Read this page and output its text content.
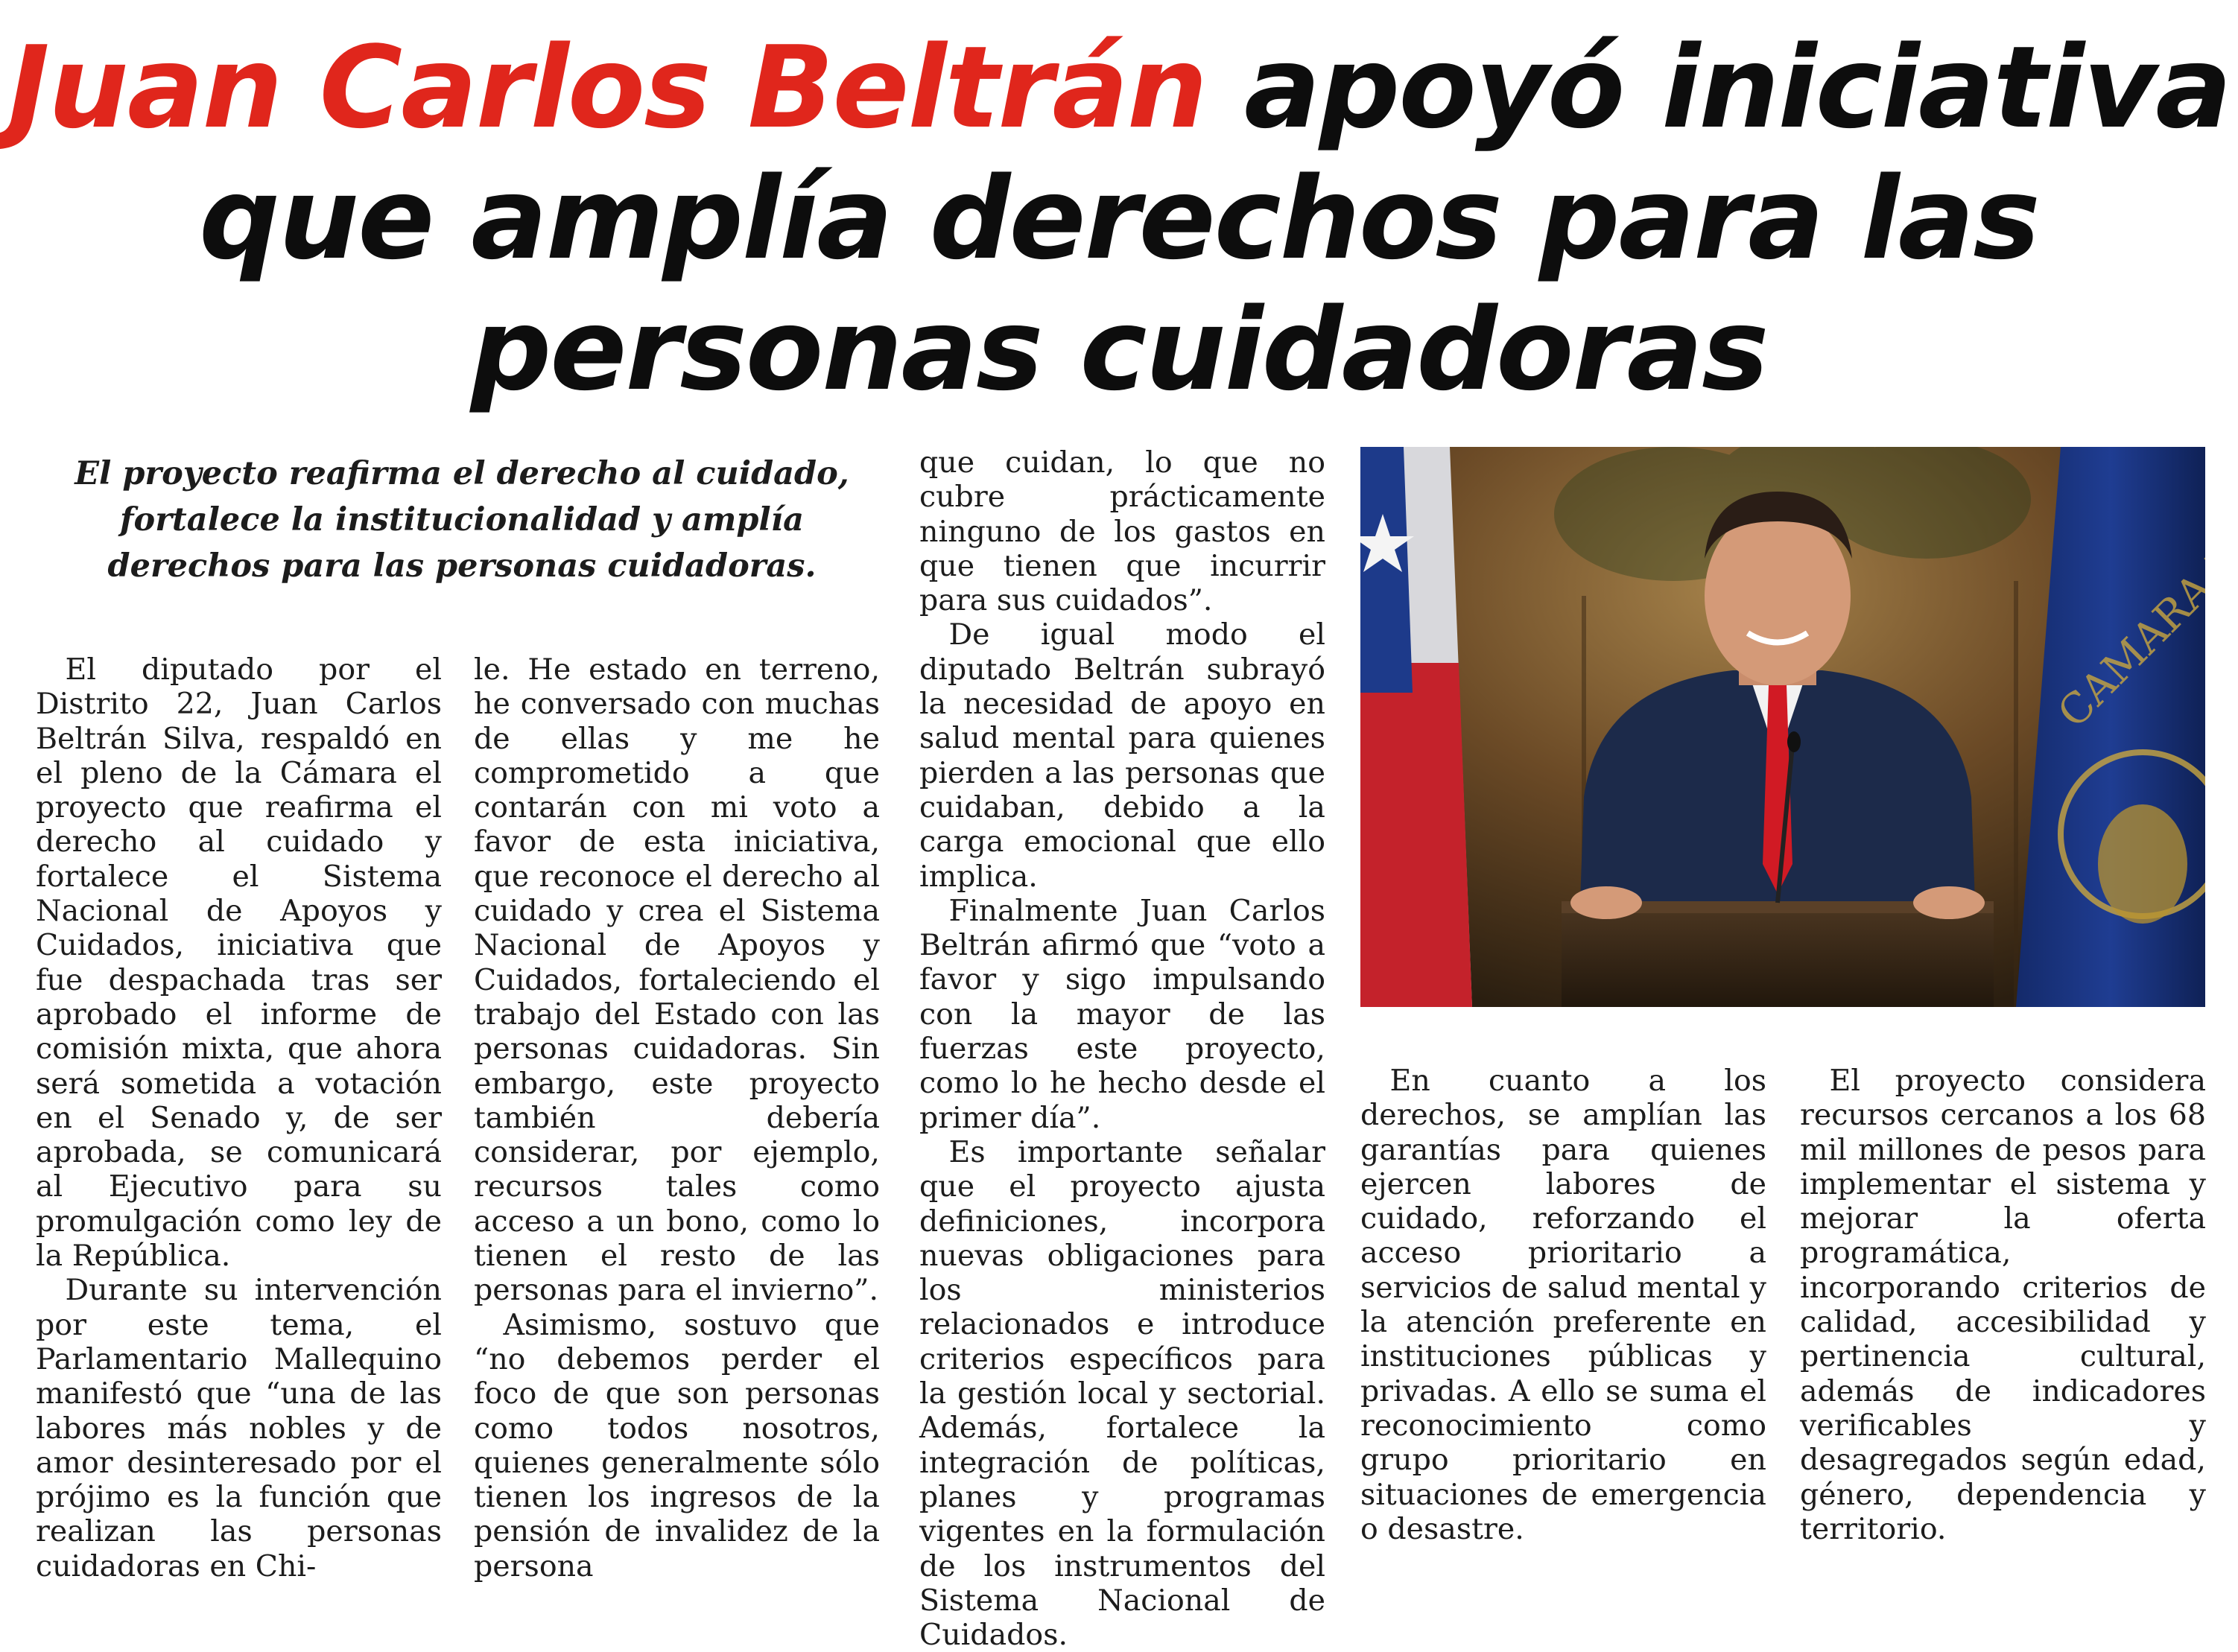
Juan Carlos Beltrán apoyó iniciativa
que amplía derechos para las
personas cuidadoras
El proyecto reafirma el derecho al cuidado,
fortalece la institucionalidad y amplía
derechos para las personas cuidadoras.

El diputado por el Distrito 22, Juan Carlos Beltrán Silva, respaldó en el pleno de la Cámara el proyecto que reafirma el derecho al cuidado y fortalece el Sistema Nacional de Apoyos y Cuidados, iniciativa que fue despachada tras ser aprobado el informe de comisión mixta, que ahora será sometida a votación en el Senado y, de ser aprobada, se comunicará al Ejecutivo para su promulgación como ley de la República.

Durante su intervención por este tema, el Parlamentario Mallequino manifestó que “una de las labores más nobles y de amor desinteresado por el prójimo es la función que realizan las personas cuidadoras en Chi-

le. He estado en terreno, he conversado con muchas de ellas y me he comprometido a que contarán con mi voto a favor de esta iniciativa, que reconoce el derecho al cuidado y crea el Sistema Nacional de Apoyos y Cuidados, fortaleciendo el trabajo del Estado con las personas cuidadoras. Sin embargo, este proyecto también debería considerar, por ejemplo, recursos tales como acceso a un bono, como lo tienen el resto de las personas para el invierno”.

Asimismo, sostuvo que “no debemos perder el foco de que son personas como todos nosotros, quienes generalmente sólo tienen los ingresos de la pensión de invalidez de la persona

que cuidan, lo que no cubre prácticamente ninguno de los gastos en que tienen que incurrir para sus cuidados”.

De igual modo el diputado Beltrán subrayó la necesidad de apoyo en salud mental para quienes pierden a las personas que cuidaban, debido a la carga emocional que ello implica.

Finalmente Juan Carlos Beltrán afirmó que “voto a favor y sigo impulsando con la mayor de las fuerzas este proyecto, como lo he hecho desde el primer día”.

Es importante señalar que el proyecto ajusta definiciones, incorpora nuevas obligaciones para los ministerios relacionados e introduce criterios específicos para la gestión local y sectorial. Además, fortalece la integración de políticas, planes y programas vigentes en la formulación de los instrumentos del Sistema Nacional de Cuidados.

En cuanto a los derechos, se amplían las garantías para quienes ejercen labores de cuidado, reforzando el acceso prioritario a servicios de salud mental y la atención preferente en instituciones públicas y privadas. A ello se suma el reconocimiento como grupo prioritario en situaciones de emergencia o desastre.

El proyecto considera recursos cercanos a los 68 mil millones de pesos para implementar el sistema y mejorar la oferta programática, incorporando criterios de calidad, accesibilidad y pertinencia cultural, además de indicadores verificables y desagregados según edad, género, dependencia y territorio.
